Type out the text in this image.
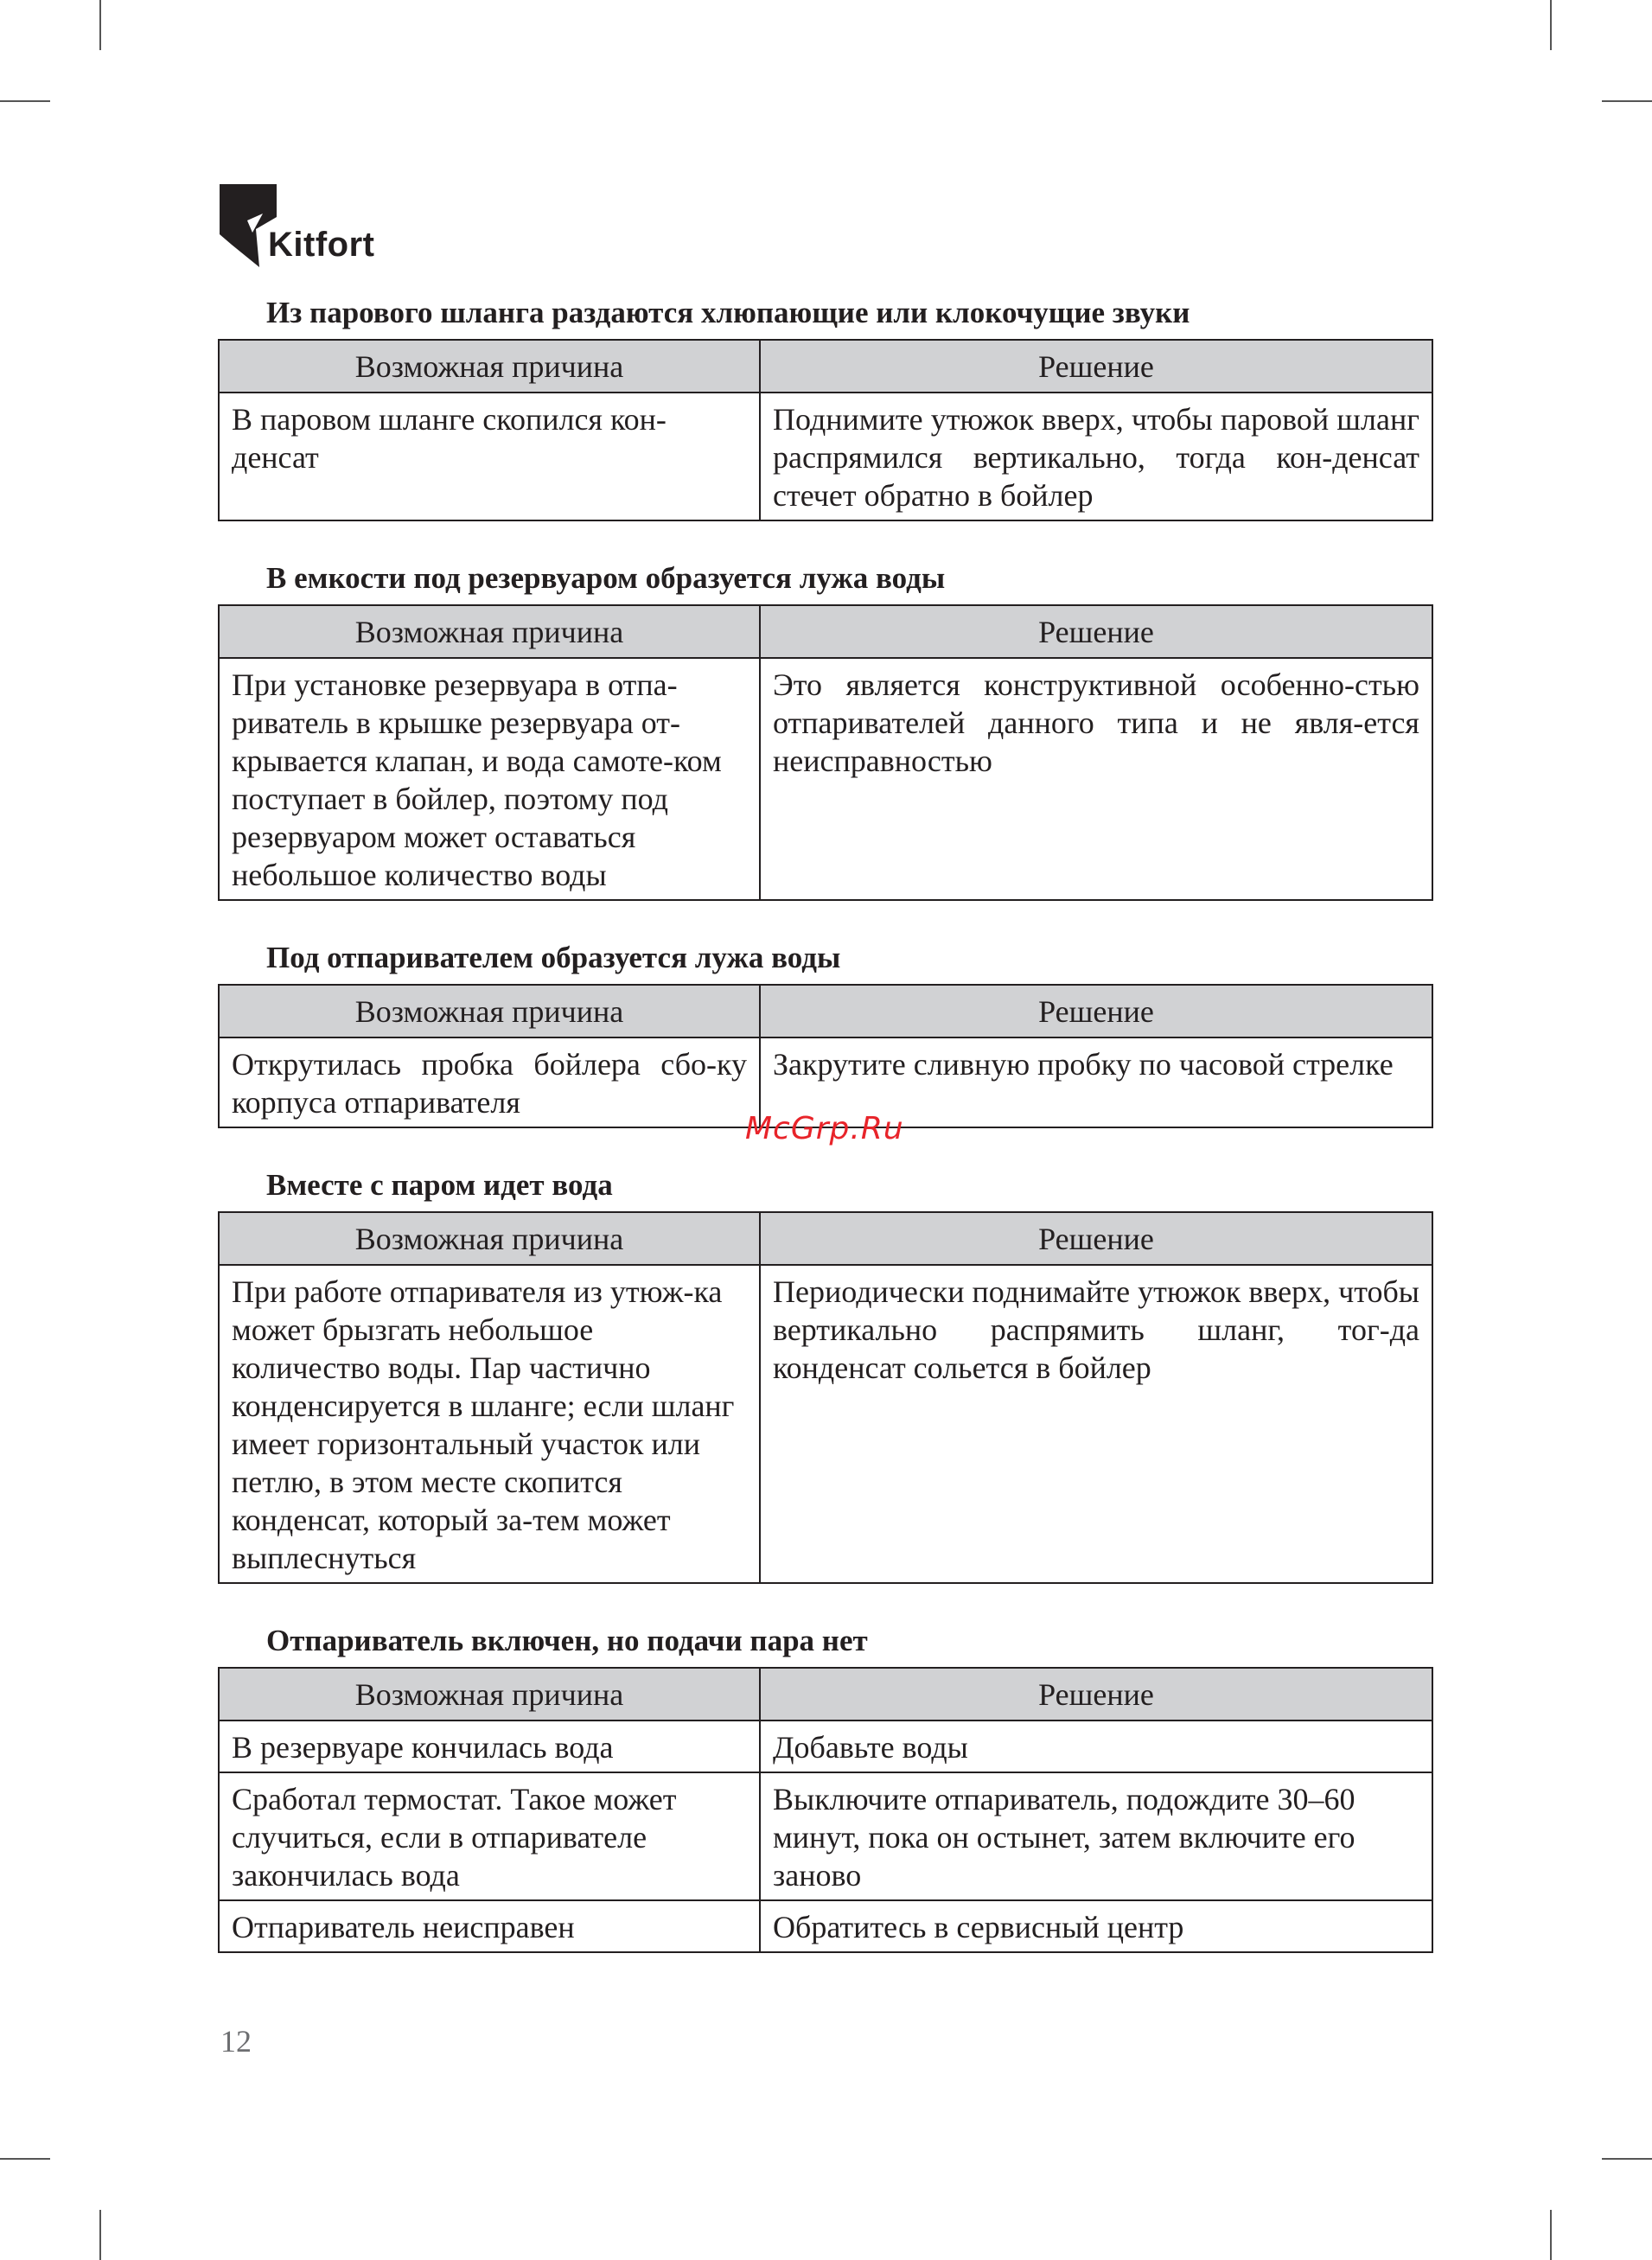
Kitfort
Из парового шланга раздаются хлюпающие или клокочущие звуки
Возможная причина	Решение
В паровом шланге скопился кон-денсат	Поднимите утюжок вверх, чтобы паровой шланг распрямился вертикально, тогда кон-денсат стечет обратно в бойлер
В емкости под резервуаром образуется лужа воды
Возможная причина	Решение
При установке резервуара в отпа-риватель в крышке резервуара от-крывается клапан, и вода самоте-ком поступает в бойлер, поэтому под резервуаром может оставаться небольшое количество воды	Это является конструктивной особенно-стью отпаривателей данного типа и не явля-ется неисправностью
Под отпаривателем образуется лужа воды
Возможная причина	Решение
Открутилась пробка бойлера сбо-ку корпуса отпаривателя	Закрутите сливную пробку по часовой стрелке
Вместе с паром идет вода
Возможная причина	Решение
При работе отпаривателя из утюж-ка может брызгать небольшое количество воды. Пар частично конденсируется в шланге; если шланг имеет горизонтальный участок или петлю, в этом месте скопится конденсат, который за-тем может выплеснуться	Периодически поднимайте утюжок вверх, чтобы вертикально распрямить шланг, тог-да конденсат сольется в бойлер
Отпариватель включен, но подачи пара нет
Возможная причина	Решение
В резервуаре кончилась вода	Добавьте воды
Сработал термостат. Такое может случиться, если в отпаривателе закончилась вода	Выключите отпариватель, подождите 30–60 минут, пока он остынет, затем включите его заново
Отпариватель неисправен	Обратитесь в сервисный центр
McGrp.Ru
12
